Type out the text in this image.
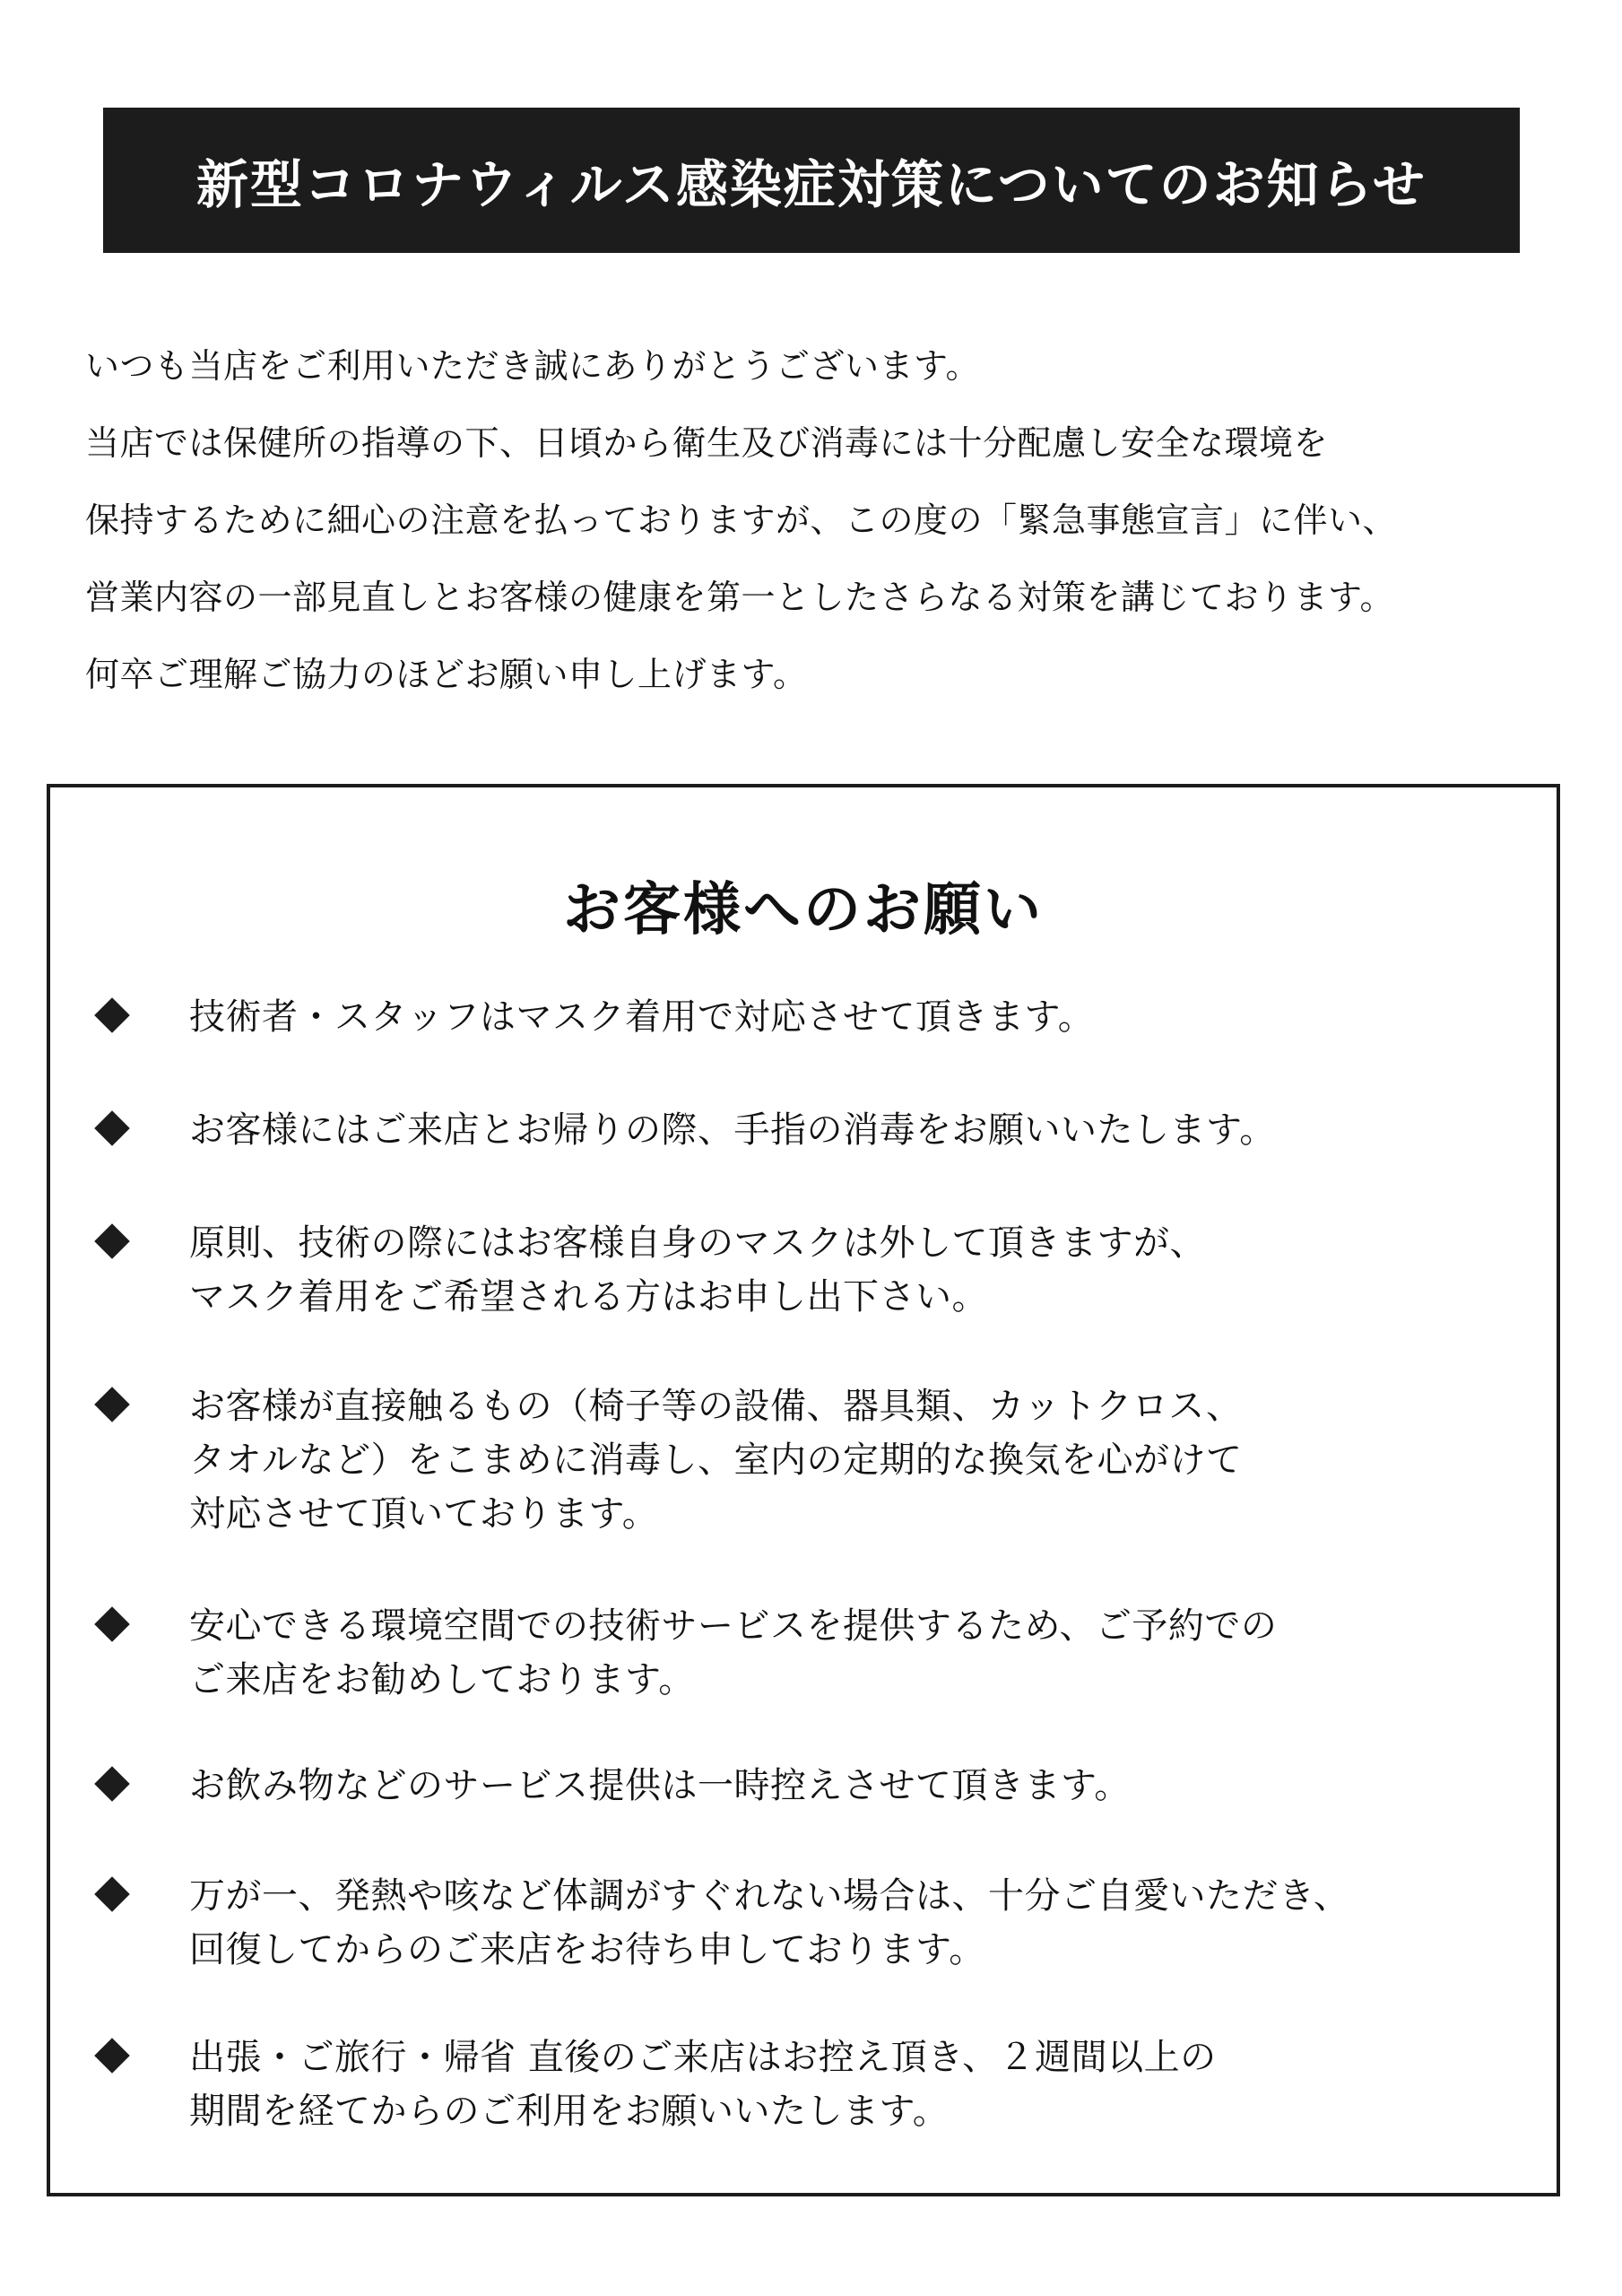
新型コロナウィルス感染症対策についてのお知らせ
いつも当店をご利用いただき誠にありがとうございます。
当店では保健所の指導の下、日頃から衛生及び消毒には十分配慮し安全な環境を
保持するために細心の注意を払っておりますが、この度の「緊急事態宣言」に伴い、
営業内容の一部見直しとお客様の健康を第一としたさらなる対策を講じております。
何卒ご理解ご協力のほどお願い申し上げます。
お客様へのお願い
技術者・スタッフはマスク着用で対応させて頂きます。
お客様にはご来店とお帰りの際、手指の消毒をお願いいたします。
原則、技術の際にはお客様自身のマスクは外して頂きますが、
マスク着用をご希望される方はお申し出下さい。
お客様が直接触るもの（椅子等の設備、器具類、カットクロス、
タオルなど）をこまめに消毒し、室内の定期的な換気を心がけて
対応させて頂いております。
安心できる環境空間での技術サービスを提供するため、ご予約での
ご来店をお勧めしております。
お飲み物などのサービス提供は一時控えさせて頂きます。
万が一、発熱や咳など体調がすぐれない場合は、十分ご自愛いただき、
回復してからのご来店をお待ち申しております。
出張・ご旅行・帰省 直後のご来店はお控え頂き、２週間以上の
期間を経てからのご利用をお願いいたします。
